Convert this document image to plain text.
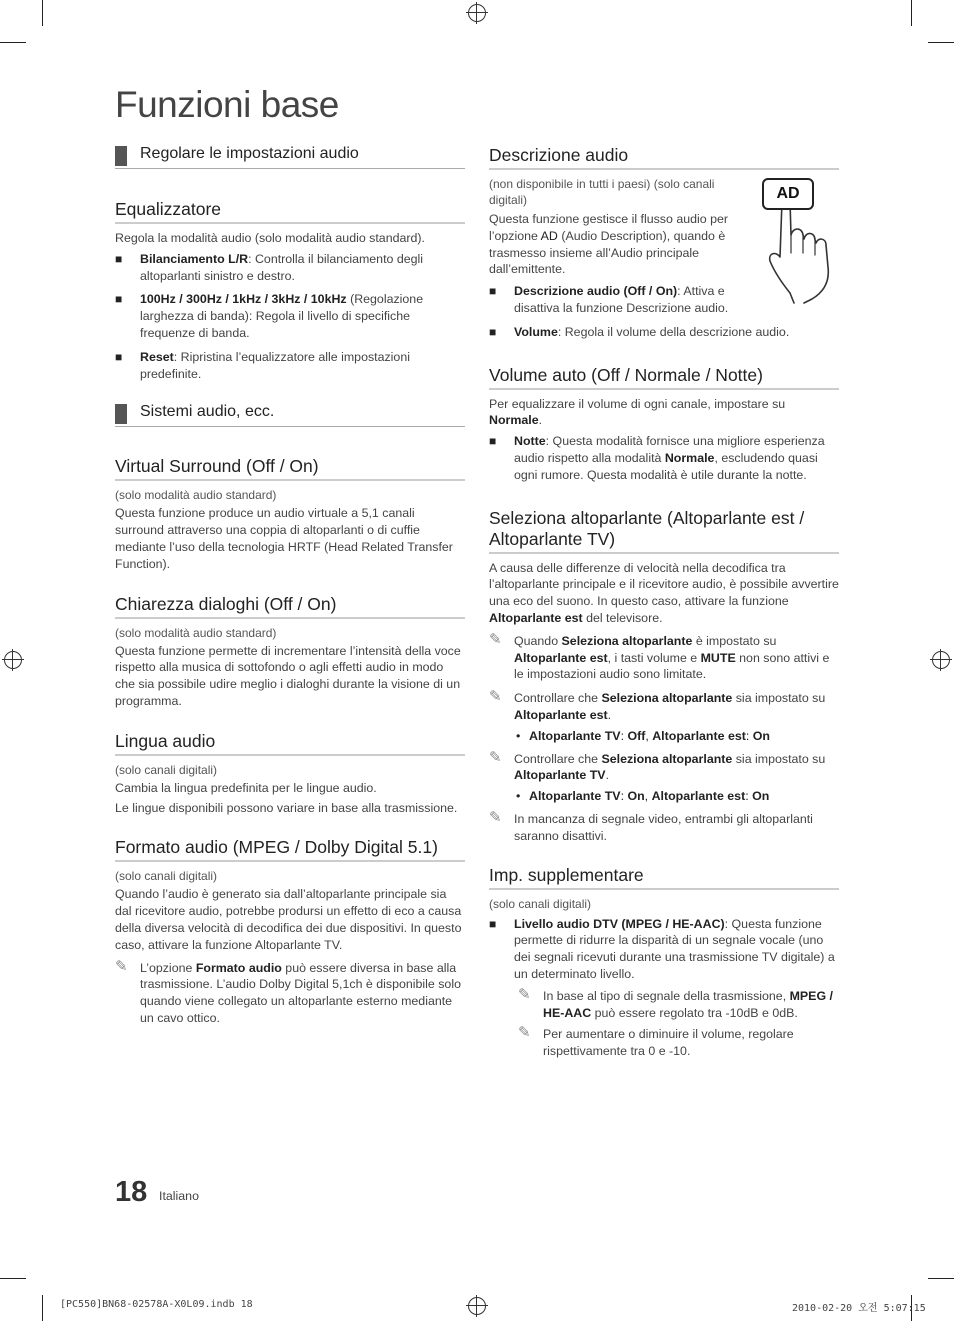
Funzioni base
Regolare le impostazioni audio
Equalizzatore
Regola la modalità audio (solo modalità audio standard).
■ Bilanciamento L/R: Controlla il bilanciamento degli altoparlanti sinistro e destro.
■ 100Hz / 300Hz / 1kHz / 3kHz / 10kHz (Regolazione larghezza di banda): Regola il livello di specifiche frequenze di banda.
■ Reset: Ripristina l’equalizzatore alle impostazioni predefinite.
Sistemi audio, ecc.
Virtual Surround (Off / On)
(solo modalità audio standard)
Questa funzione produce un audio virtuale a 5,1 canali surround attraverso una coppia di altoparlanti o di cuffie mediante l’uso della tecnologia HRTF (Head Related Transfer Function).
Chiarezza dialoghi (Off / On)
(solo modalità audio standard)
Questa funzione permette di incrementare l’intensità della voce rispetto alla musica di sottofondo o agli effetti audio in modo che sia possibile udire meglio i dialoghi durante la visione di un programma.
Lingua audio
(solo canali digitali)
Cambia la lingua predefinita per le lingue audio.
Le lingue disponibili possono variare in base alla trasmissione.
Formato audio (MPEG / Dolby Digital 5.1)
(solo canali digitali)
Quando l’audio è generato sia dall’altoparlante principale sia dal ricevitore audio, potrebbe prodursi un effetto di eco a causa della diversa velocità di decodifica dei due dispositivi. In questo caso, attivare la funzione Altoparlante TV.
✎ L’opzione Formato audio può essere diversa in base alla trasmissione. L’audio Dolby Digital 5,1ch è disponibile solo quando viene collegato un altoparlante esterno mediante un cavo ottico.
Descrizione audio
(non disponibile in tutti i paesi) (solo canali digitali)
Questa funzione gestisce il flusso audio per l’opzione AD (Audio Description), quando è trasmesso insieme all’Audio principale dall’emittente.
■ Descrizione audio (Off / On): Attiva e disattiva la funzione Descrizione audio.
■ Volume: Regola il volume della descrizione audio.
Volume auto (Off / Normale / Notte)
Per equalizzare il volume di ogni canale, impostare su Normale.
■ Notte: Questa modalità fornisce una migliore esperienza audio rispetto alla modalità Normale, escludendo quasi ogni rumore. Questa modalità è utile durante la notte.
Seleziona altoparlante (Altoparlante est / Altoparlante TV)
A causa delle differenze di velocità nella decodifica tra l’altoparlante principale e il ricevitore audio, è possibile avvertire una eco del suono. In questo caso, attivare la funzione Altoparlante est del televisore.
✎ Quando Seleziona altoparlante è impostato su Altoparlante est, i tasti volume e MUTE non sono attivi e le impostazioni audio sono limitate.
✎ Controllare che Seleziona altoparlante sia impostato su Altoparlante est.
• Altoparlante TV: Off, Altoparlante est: On
✎ Controllare che Seleziona altoparlante sia impostato su Altoparlante TV.
• Altoparlante TV: On, Altoparlante est: On
✎ In mancanza di segnale video, entrambi gli altoparlanti saranno disattivi.
Imp. supplementare
(solo canali digitali)
■ Livello audio DTV (MPEG / HE-AAC): Questa funzione permette di ridurre la disparità di un segnale vocale (uno dei segnali ricevuti durante una trasmissione TV digitale) a un determinato livello.
✎ In base al tipo di segnale della trasmissione, MPEG / HE-AAC può essere regolato tra -10dB e 0dB.
✎ Per aumentare o diminuire il volume, regolare rispettivamente tra 0 e -10.
AD
18 Italiano
[PC550]BN68-02578A-X0L09.indb 18	2010-02-20 오전 5:07:15
